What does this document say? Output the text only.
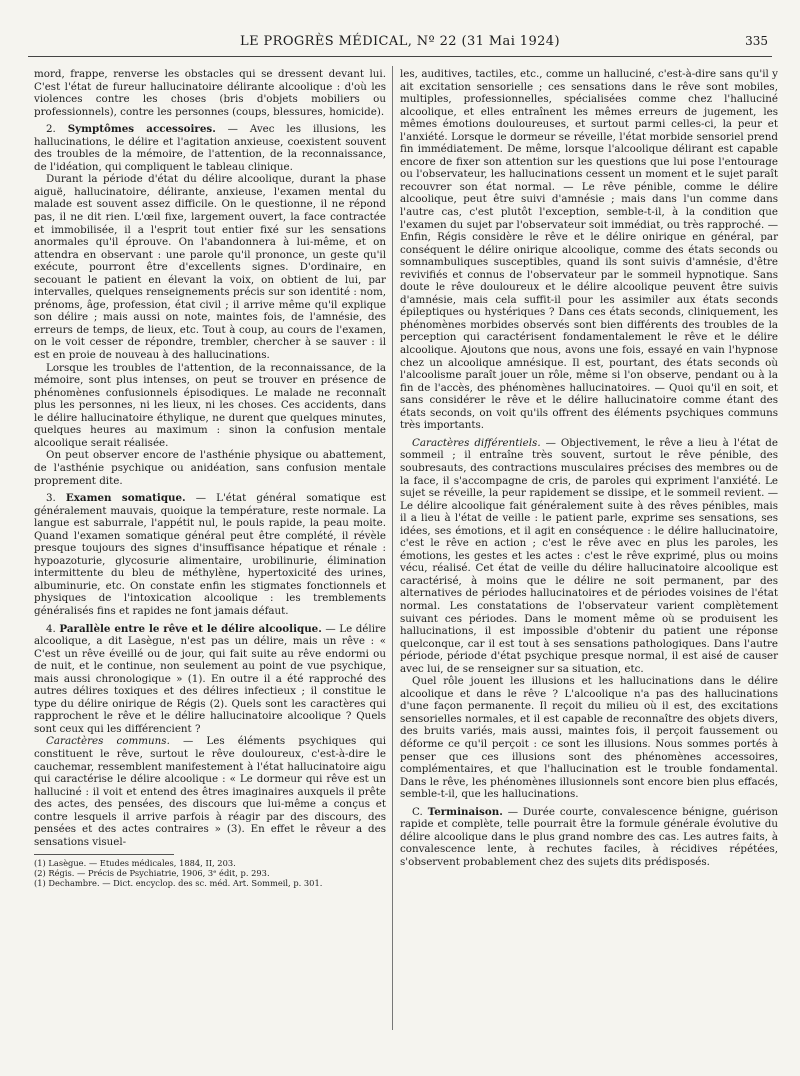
LE PROGRÈS MÉDICAL, Nº 22 (31 Mai 1924)	335

mord, frappe, renverse les obstacles qui se dressent devant lui. C'est l'état de fureur hallucinatoire délirante alcoolique : d'où les violences contre les choses (bris d'objets mobiliers ou professionnels), contre les personnes (coups, blessures, homicide).

2. Symptômes accessoires. — Avec les illusions, les hallucinations, le délire et l'agitation anxieuse, coexistent souvent des troubles de la mémoire, de l'attention, de la reconnaissance, de l'idéation, qui compliquent le tableau clinique.

Durant la période d'état du délire alcoolique, durant la phase aiguë, hallucinatoire, délirante, anxieuse, l'examen mental du malade est souvent assez difficile. On le questionne, il ne répond pas, il ne dit rien. L'œil fixe, largement ouvert, la face contractée et immobilisée, il a l'esprit tout entier fixé sur les sensations anormales qu'il éprouve. On l'abandonnera à lui-même, et on attendra en observant : une parole qu'il prononce, un geste qu'il exécute, pourront être d'excellents signes. D'ordinaire, en secouant le patient en élevant la voix, on obtient de lui, par intervalles, quelques renseignements précis sur son identité : nom, prénoms, âge, profession, état civil ; il arrive même qu'il explique son délire ; mais aussi on note, maintes fois, de l'amnésie, des erreurs de temps, de lieux, etc. Tout à coup, au cours de l'examen, on le voit cesser de répondre, trembler, chercher à se sauver : il est en proie de nouveau à des hallucinations.

Lorsque les troubles de l'attention, de la reconnaissance, de la mémoire, sont plus intenses, on peut se trouver en présence de phénomènes confusionnels épisodiques. Le malade ne reconnaît plus les personnes, ni les lieux, ni les choses. Ces accidents, dans le délire hallucinatoire éthylique, ne durent que quelques minutes, quelques heures au maximum : sinon la confusion mentale alcoolique serait réalisée.

On peut observer encore de l'asthénie physique ou abattement, de l'asthénie psychique ou anidéation, sans confusion mentale proprement dite.

3. Examen somatique. — L'état général somatique est généralement mauvais, quoique la température, reste normale. La langue est saburrale, l'appétit nul, le pouls rapide, la peau moite. Quand l'examen somatique général peut être complété, il révèle presque toujours des signes d'insuffisance hépatique et rénale : hypoazoturie, glycosurie alimentaire, urobilinurie, élimination intermittente du bleu de méthylène, hypertoxicité des urines, albuminurie, etc. On constate enfin les stigmates fonctionnels et physiques de l'intoxication alcoolique : les tremblements généralisés fins et rapides ne font jamais défaut.

4. Parallèle entre le rêve et le délire alcoolique. — Le délire alcoolique, a dit Lasègue, n'est pas un délire, mais un rêve : « C'est un rêve éveillé ou de jour, qui fait suite au rêve endormi ou de nuit, et le continue, non seulement au point de vue psychique, mais aussi chronologique » (1). En outre il a été rapproché des autres délires toxiques et des délires infectieux ; il constitue le type du délire onirique de Régis (2). Quels sont les caractères qui rapprochent le rêve et le délire hallucinatoire alcoolique ? Quels sont ceux qui les différencient ?

Caractères communs. — Les éléments psychiques qui constituent le rêve, surtout le rêve douloureux, c'est-à-dire le cauchemar, ressemblent manifestement à l'état hallucinatoire aigu qui caractérise le délire alcoolique : « Le dormeur qui rêve est un halluciné : il voit et entend des êtres imaginaires auxquels il prête des actes, des pensées, des discours que lui-même a conçus et contre lesquels il arrive parfois à réagir par des discours, des pensées et des actes contraires » (3). En effet le rêveur a des sensations visuel-

(1) Lasègue. — Etudes médicales, 1884, II, 203.

(2) Régis. — Précis de Psychiatrie, 1906, 3ᵉ édit, p. 293.

(1) Dechambre. — Dict. encyclop. des sc. méd. Art. Sommeil, p. 301.

les, auditives, tactiles, etc., comme un halluciné, c'est-à-dire sans qu'il y ait excitation sensorielle ; ces sensations dans le rêve sont mobiles, multiples, professionnelles, spécialisées comme chez l'halluciné alcoolique, et elles entraînent les mêmes erreurs de jugement, les mêmes émotions douloureuses, et surtout parmi celles-ci, la peur et l'anxiété. Lorsque le dormeur se réveille, l'état morbide sensoriel prend fin immédiatement. De même, lorsque l'alcoolique délirant est capable encore de fixer son attention sur les questions que lui pose l'entourage ou l'observateur, les hallucinations cessent un moment et le sujet paraît recouvrer son état normal. — Le rêve pénible, comme le délire alcoolique, peut être suivi d'amnésie ; mais dans l'un comme dans l'autre cas, c'est plutôt l'exception, semble-t-il, à la condition que l'examen du sujet par l'observateur soit immédiat, ou très rapproché. — Enfin, Régis considère le rêve et le délire onirique en général, par conséquent le délire onirique alcoolique, comme des états seconds ou somnambuliques susceptibles, quand ils sont suivis d'amnésie, d'être revivifiés et connus de l'observateur par le sommeil hypnotique. Sans doute le rêve douloureux et le délire alcoolique peuvent être suivis d'amnésie, mais cela suffit-il pour les assimiler aux états seconds épileptiques ou hystériques ? Dans ces états seconds, cliniquement, les phénomènes morbides observés sont bien différents des troubles de la perception qui caractérisent fondamentalement le rêve et le délire alcoolique. Ajoutons que nous, avons une fois, essayé en vain l'hypnose chez un alcoolique amnésique. Il est, pourtant, des états seconds où l'alcoolisme paraît jouer un rôle, même si l'on observe, pendant ou à la fin de l'accès, des phénomènes hallucinatoires. — Quoi qu'il en soit, et sans considérer le rêve et le délire hallucinatoire comme étant des états seconds, on voit qu'ils offrent des éléments psychiques communs très importants.

Caractères différentiels. — Objectivement, le rêve a lieu à l'état de sommeil ; il entraîne très souvent, surtout le rêve pénible, des soubresauts, des contractions musculaires précises des membres ou de la face, il s'accompagne de cris, de paroles qui expriment l'anxiété. Le sujet se réveille, la peur rapidement se dissipe, et le sommeil revient. — Le délire alcoolique fait généralement suite à des rêves pénibles, mais il a lieu à l'état de veille : le patient parle, exprime ses sensations, ses idées, ses émotions, et il agit en conséquence : le délire hallucinatoire, c'est le rêve en action ; c'est le rêve avec en plus les paroles, les émotions, les gestes et les actes : c'est le rêve exprimé, plus ou moins vécu, réalisé. Cet état de veille du délire hallucinatoire alcoolique est caractérisé, à moins que le délire ne soit permanent, par des alternatives de périodes hallucinatoires et de périodes voisines de l'état normal. Les constatations de l'observateur varient complètement suivant ces périodes. Dans le moment même où se produisent les hallucinations, il est impossible d'obtenir du patient une réponse quelconque, car il est tout à ses sensations pathologiques. Dans l'autre période, période d'état psychique presque normal, il est aisé de causer avec lui, de se renseigner sur sa situation, etc.

Quel rôle jouent les illusions et les hallucinations dans le délire alcoolique et dans le rêve ? L'alcoolique n'a pas des hallucinations d'une façon permanente. Il reçoit du milieu où il est, des excitations sensorielles normales, et il est capable de reconnaître des objets divers, des bruits variés, mais aussi, maintes fois, il perçoit faussement ou déforme ce qu'il perçoit : ce sont les illusions. Nous sommes portés à penser que ces illusions sont des phénomènes accessoires, complémentaires, et que l'hallucination est le trouble fondamental. Dans le rêve, les phénomènes illusionnels sont encore bien plus effacés, semble-t-il, que les hallucinations.

C. Terminaison. — Durée courte, convalescence bénigne, guérison rapide et complète, telle pourrait être la formule générale évolutive du délire alcoolique dans le plus grand nombre des cas. Les autres faits, à convalescence lente, à rechutes faciles, à récidives répétées, s'observent probablement chez des sujets dits prédisposés.
